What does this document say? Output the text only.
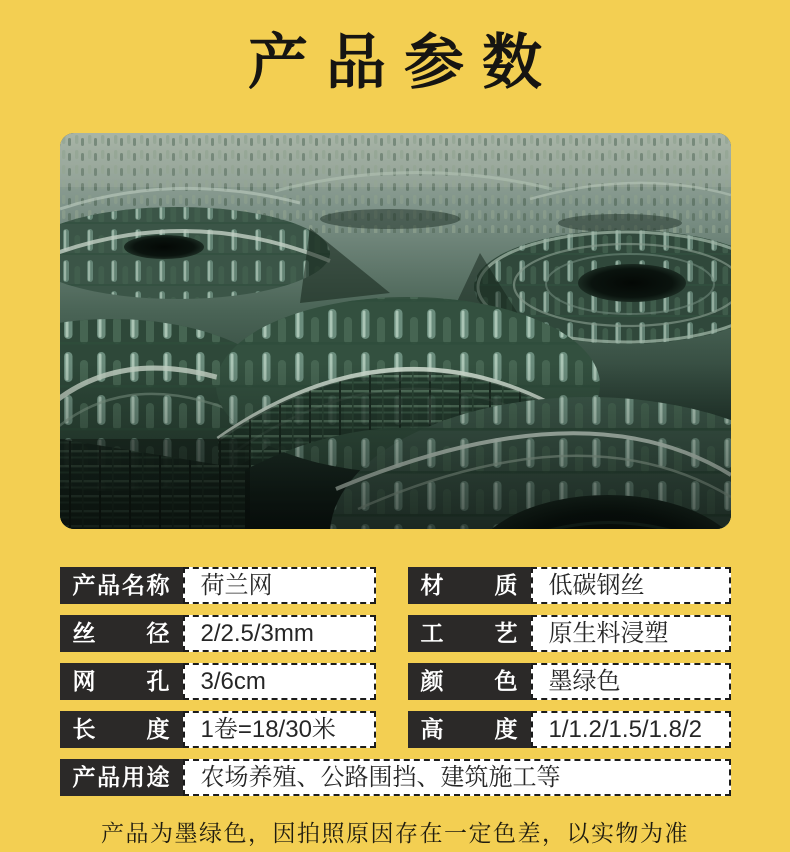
产品参数
产品名称	荷兰网	材质	低碳钢丝
丝径	2/2.5/3mm	工艺	原生料浸塑
网孔	3/6cm	颜色	墨绿色
长度	1卷=18/30米	高度	1/1.2/1.5/1.8/2
产品用途	农场养殖、公路围挡、建筑施工等
产品为墨绿色，因拍照原因存在一定色差，以实物为准
